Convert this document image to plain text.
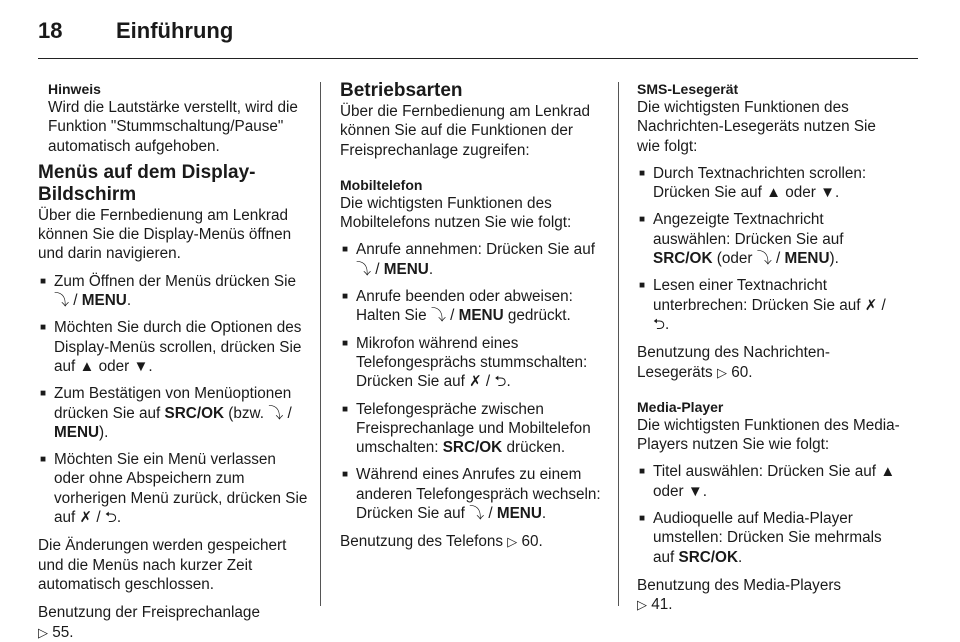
18 Einführung
Hinweis

Wird die Lautstärke verstellt, wird die Funktion "Stummschaltung/Pause" automatisch aufgehoben.

Menüs auf dem Display-Bildschirm

Über die Fernbedienung am Lenkrad können Sie die Display-Menüs öffnen und darin navigieren.

■ Zum Öffnen der Menüs drücken Sie ⤵ / MENU.
■ Möchten Sie durch die Optionen des Display-Menüs scrollen, drücken Sie auf ▲ oder ▼.
■ Zum Bestätigen von Menüoptionen drücken Sie auf SRC/OK (bzw. ⤵ / MENU).
■ Möchten Sie ein Menü verlassen oder ohne Abspeichern zum vorherigen Menü zurück, drücken Sie auf ✗ / ⮌.

Die Änderungen werden gespeichert und die Menüs nach kurzer Zeit automatisch geschlossen.

Benutzung der Freisprechanlage
▷ 55.

Betriebsarten

Über die Fernbedienung am Lenkrad können Sie auf die Funktionen der Freisprechanlage zugreifen:

Mobiltelefon

Die wichtigsten Funktionen des Mobiltelefons nutzen Sie wie folgt:

■ Anrufe annehmen: Drücken Sie auf ⤵ / MENU.
■ Anrufe beenden oder abweisen: Halten Sie ⤵ / MENU gedrückt.
■ Mikrofon während eines Telefongesprächs stummschalten: Drücken Sie auf ✗ / ⮌.
■ Telefongespräche zwischen Freisprechanlage und Mobiltelefon umschalten: SRC/OK drücken.
■ Während eines Anrufes zu einem anderen Telefongespräch wechseln: Drücken Sie auf ⤵ / MENU.

Benutzung des Telefons ▷ 60.

SMS-Lesegerät

Die wichtigsten Funktionen des Nachrichten-Lesegeräts nutzen Sie wie folgt:

■ Durch Textnachrichten scrollen: Drücken Sie auf ▲ oder ▼.
■ Angezeigte Textnachricht auswählen: Drücken Sie auf SRC/OK (oder ⤵ / MENU).
■ Lesen einer Textnachricht unterbrechen: Drücken Sie auf ✗ / ⮌.

Benutzung des Nachrichten-Lesegeräts ▷ 60.

Media-Player

Die wichtigsten Funktionen des Media-Players nutzen Sie wie folgt:

■ Titel auswählen: Drücken Sie auf ▲ oder ▼.
■ Audioquelle auf Media-Player umstellen: Drücken Sie mehrmals auf SRC/OK.

Benutzung des Media-Players
▷ 41.
